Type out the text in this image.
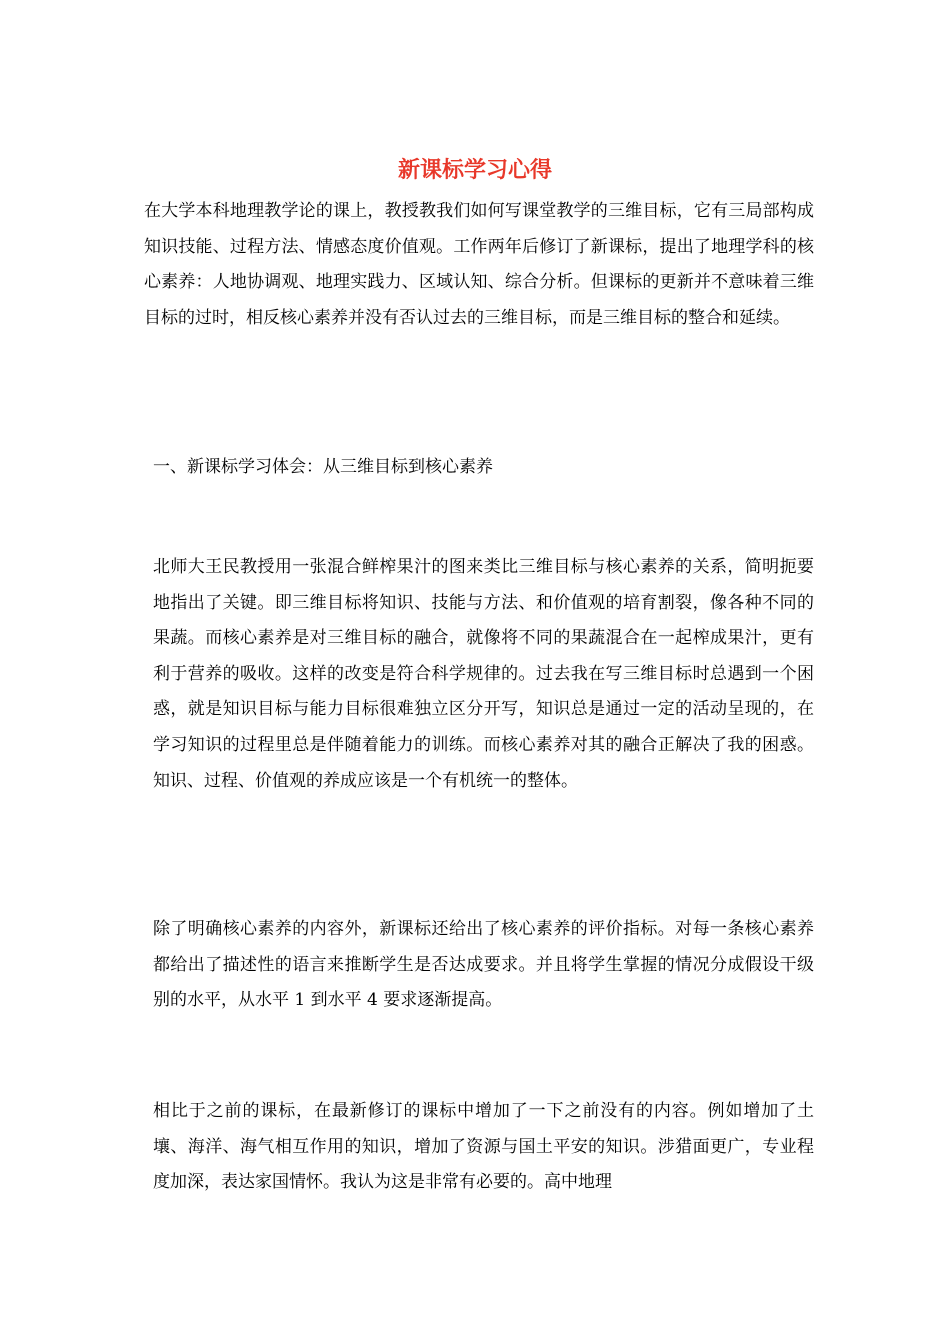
新课标学习心得

在大学本科地理教学论的课上，教授教我们如何写课堂教学的三维目标，它有三局部构成知识技能、过程方法、情感态度价值观。工作两年后修订了新课标，提出了地理学科的核心素养：人地协调观、地理实践力、区域认知、综合分析。但课标的更新并不意味着三维目标的过时，相反核心素养并没有否认过去的三维目标，而是三维目标的整合和延续。

一、新课标学习体会：从三维目标到核心素养

北师大王民教授用一张混合鲜榨果汁的图来类比三维目标与核心素养的关系，简明扼要地指出了关键。即三维目标将知识、技能与方法、和价值观的培育割裂，像各种不同的果蔬。而核心素养是对三维目标的融合，就像将不同的果蔬混合在一起榨成果汁，更有利于营养的吸收。这样的改变是符合科学规律的。过去我在写三维目标时总遇到一个困惑，就是知识目标与能力目标很难独立区分开写，知识总是通过一定的活动呈现的，在学习知识的过程里总是伴随着能力的训练。而核心素养对其的融合正解决了我的困惑。知识、过程、价值观的养成应该是一个有机统一的整体。

除了明确核心素养的内容外，新课标还给出了核心素养的评价指标。对每一条核心素养都给出了描述性的语言来推断学生是否达成要求。并且将学生掌握的情况分成假设干级别的水平，从水平 1 到水平 4 要求逐渐提高。

相比于之前的课标，在最新修订的课标中增加了一下之前没有的内容。例如增加了土壤、海洋、海气相互作用的知识，增加了资源与国土平安的知识。涉猎面更广，专业程度加深，表达家国情怀。我认为这是非常有必要的。高中地理
